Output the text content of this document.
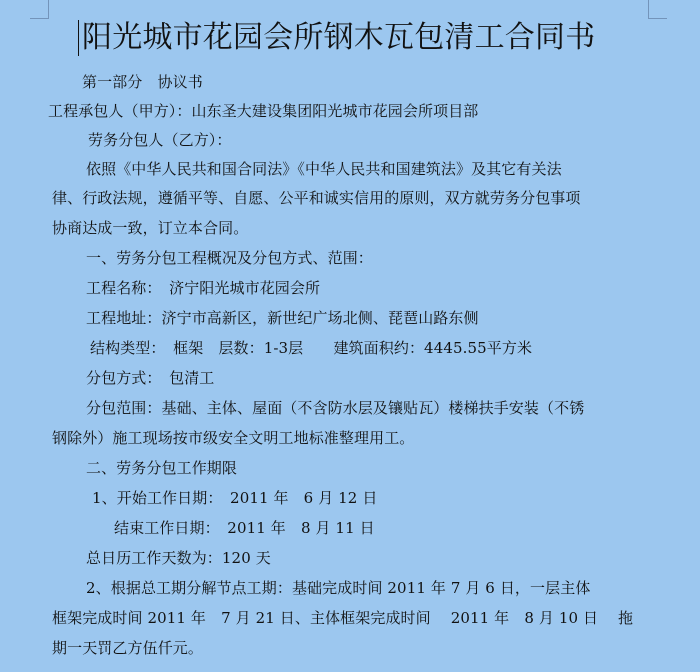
阳光城市花园会所钢木瓦包清工合同书
第一部分　协议书
工程承包人（甲方）：山东圣大建设集团阳光城市花园会所项目部
劳务分包人（乙方）：
依照《中华人民共和国合同法》《中华人民共和国建筑法》及其它有关法
律、行政法规，遵循平等、自愿、公平和诚实信用的原则，双方就劳务分包事项
协商达成一致，订立本合同。
一、劳务分包工程概况及分包方式、范围：
工程名称：　济宁阳光城市花园会所
工程地址：济宁市高新区，新世纪广场北侧、琵琶山路东侧
结构类型：　框架　层数：1-3层　　建筑面积约：4445.55平方米
分包方式：　包清工
分包范围：基础、主体、屋面（不含防水层及镶贴瓦）楼梯扶手安装（不锈
钢除外）施工现场按市级安全文明工地标准整理用工。
二、劳务分包工作期限
1、开始工作日期：　2011 年　6 月 12 日
结束工作日期：　2011 年　8 月 11 日
总日历工作天数为：120 天
2、根据总工期分解节点工期：基础完成时间 2011 年 7 月 6 日，一层主体
框架完成时间 2011 年　7 月 21 日、主体框架完成时间　 2011 年　8 月 10 日　 拖
期一天罚乙方伍仟元。
